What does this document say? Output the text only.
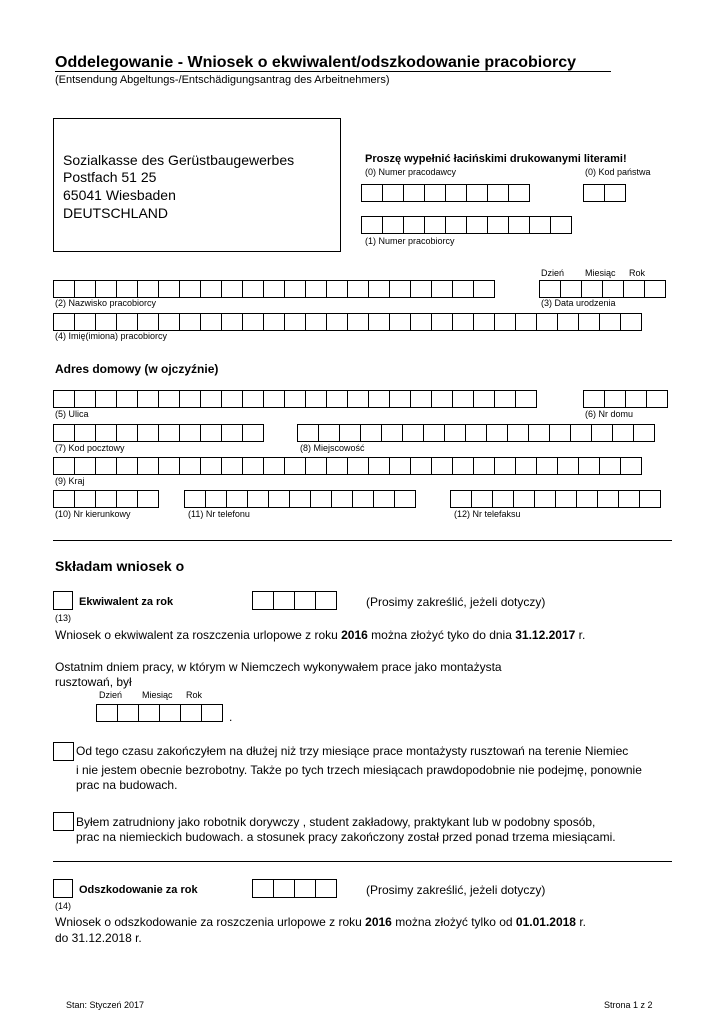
Oddelegowanie - Wniosek o ekwiwalent/odszkodowanie pracobiorcy
(Entsendung Abgeltungs-/Entschädigungsantrag des Arbeitnehmers)
Sozialkasse des Gerüstbaugewerbes
Postfach 51 25
65041 Wiesbaden
DEUTSCHLAND
Proszę wypełnić łacińskimi drukowanymi literami!
(0) Numer pracodawcy	(0) Kod państwa
(1) Numer pracobiorcy
Dzień Miesiąc Rok
(2) Nazwisko pracobiorcy	(3) Data urodzenia
(4) Imię(imiona) pracobiorcy
Adres domowy (w ojczyźnie)
(5) Ulica	(6) Nr domu
(7) Kod pocztowy	(8) Miejscowość
(9) Kraj
(10) Nr kierunkowy	(11) Nr telefonu	(12) Nr telefaksu
Składam wniosek o
Ekwiwalent za rok	(Prosimy zakreślić, jeżeli dotyczy)
(13)
Wniosek o ekwiwalent za roszczenia urlopowe z roku 2016 można złożyć tyko do dnia 31.12.2017 r.
Ostatnim dniem pracy, w którym w Niemczech wykonywałem prace jako montażysta
rusztowań, był
Dzień Miesiąc Rok
.
Od tego czasu zakończyłem na dłużej niż trzy miesiące prace montażysty rusztowań na terenie Niemiec
i nie jestem obecnie bezrobotny. Także po tych trzech miesiącach prawdopodobnie nie podejmę, ponownie
prac na budowach.
Byłem zatrudniony jako robotnik dorywczy , student zakładowy, praktykant lub w podobny sposób,
prac na niemieckich budowach. a stosunek pracy zakończony został przed ponad trzema miesiącami.
Odszkodowanie za rok	(Prosimy zakreślić, jeżeli dotyczy)
(14)
Wniosek o odszkodowanie za roszczenia urlopowe z roku 2016 można złożyć tylko od 01.01.2018 r.
do 31.12.2018 r.
Stan: Styczeń 2017	Strona 1 z 2
